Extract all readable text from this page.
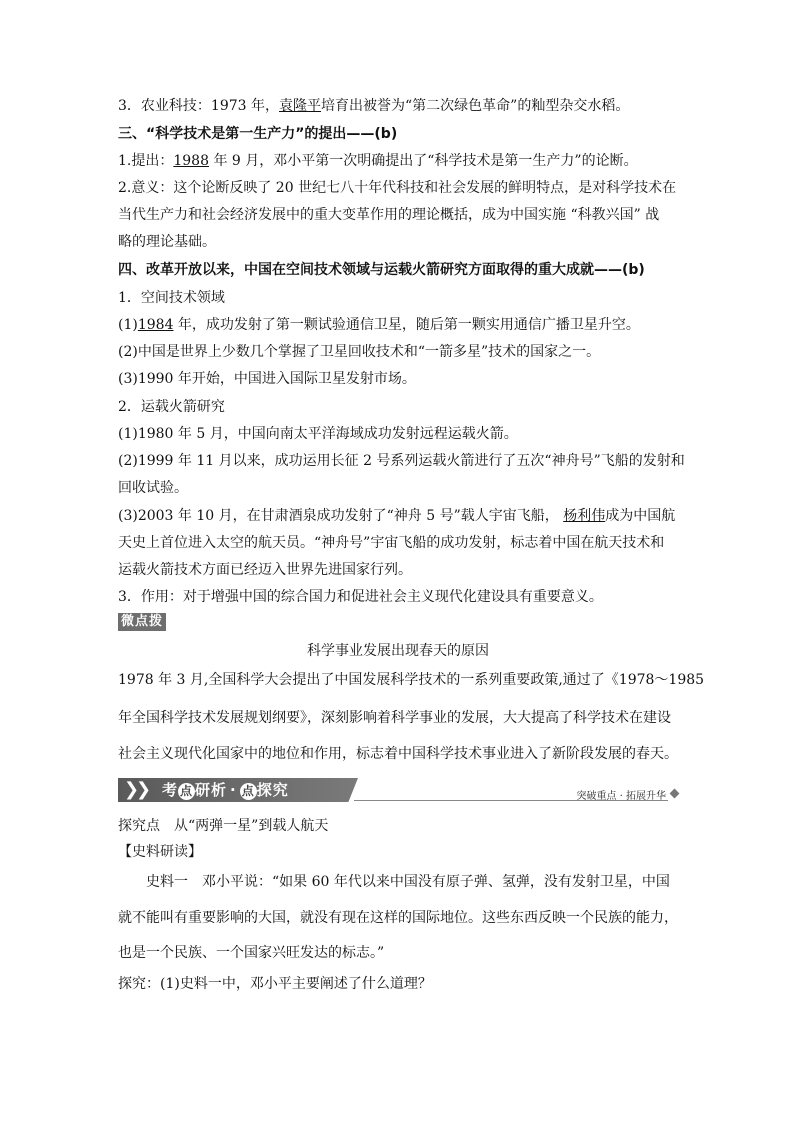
3．农业科技：1973 年，袁隆平培育出被誉为“第二次绿色革命”的籼型杂交水稻。
三、“科学技术是第一生产力”的提出——(b)
1.提出：1988 年 9 月，邓小平第一次明确提出了“科学技术是第一生产力”的论断。
2.意义：这个论断反映了 20 世纪七八十年代科技和社会发展的鲜明特点，是对科学技术在
当代生产力和社会经济发展中的重大变革作用的理论概括，成为中国实施 “科教兴国” 战
略的理论基础。
四、改革开放以来，中国在空间技术领域与运载火箭研究方面取得的重大成就——(b)
1．空间技术领域
(1)1984 年，成功发射了第一颗试验通信卫星，随后第一颗实用通信广播卫星升空。
(2)中国是世界上少数几个掌握了卫星回收技术和“一箭多星”技术的国家之一。
(3)1990 年开始，中国进入国际卫星发射市场。
2．运载火箭研究
(1)1980 年 5 月，中国向南太平洋海域成功发射远程运载火箭。
(2)1999 年 11 月以来，成功运用长征 2 号系列运载火箭进行了五次“神舟号”飞船的发射和
回收试验。
(3)2003 年 10 月，在甘肃酒泉成功发射了“神舟 5 号”载人宇宙飞船， 杨利伟成为中国航
天史上首位进入太空的航天员。“神舟号”宇宙飞船的成功发射，标志着中国在航天技术和
运载火箭技术方面已经迈入世界先进国家行列。
3．作用：对于增强中国的综合国力和促进社会主义现代化建设具有重要意义。
微点拨
科学事业发展出现春天的原因
1978 年 3 月,全国科学大会提出了中国发展科学技术的一系列重要政策,通过了《1978～1985
年全国科学技术发展规划纲要》，深刻影响着科学事业的发展，大大提高了科学技术在建设
社会主义现代化国家中的地位和作用，标志着中国科学技术事业进入了新阶段发展的春天。
❯
❯ 考 点 研析 · 点 探究	突破重点 · 拓展升华
探究点　从“两弹一星”到载人航天
【史料研读】
史料一　邓小平说：“如果 60 年代以来中国没有原子弹、氢弹，没有发射卫星，中国
就不能叫有重要影响的大国，就没有现在这样的国际地位。这些东西反映一个民族的能力，
也是一个民族、一个国家兴旺发达的标志。”
探究：(1)史料一中，邓小平主要阐述了什么道理？
